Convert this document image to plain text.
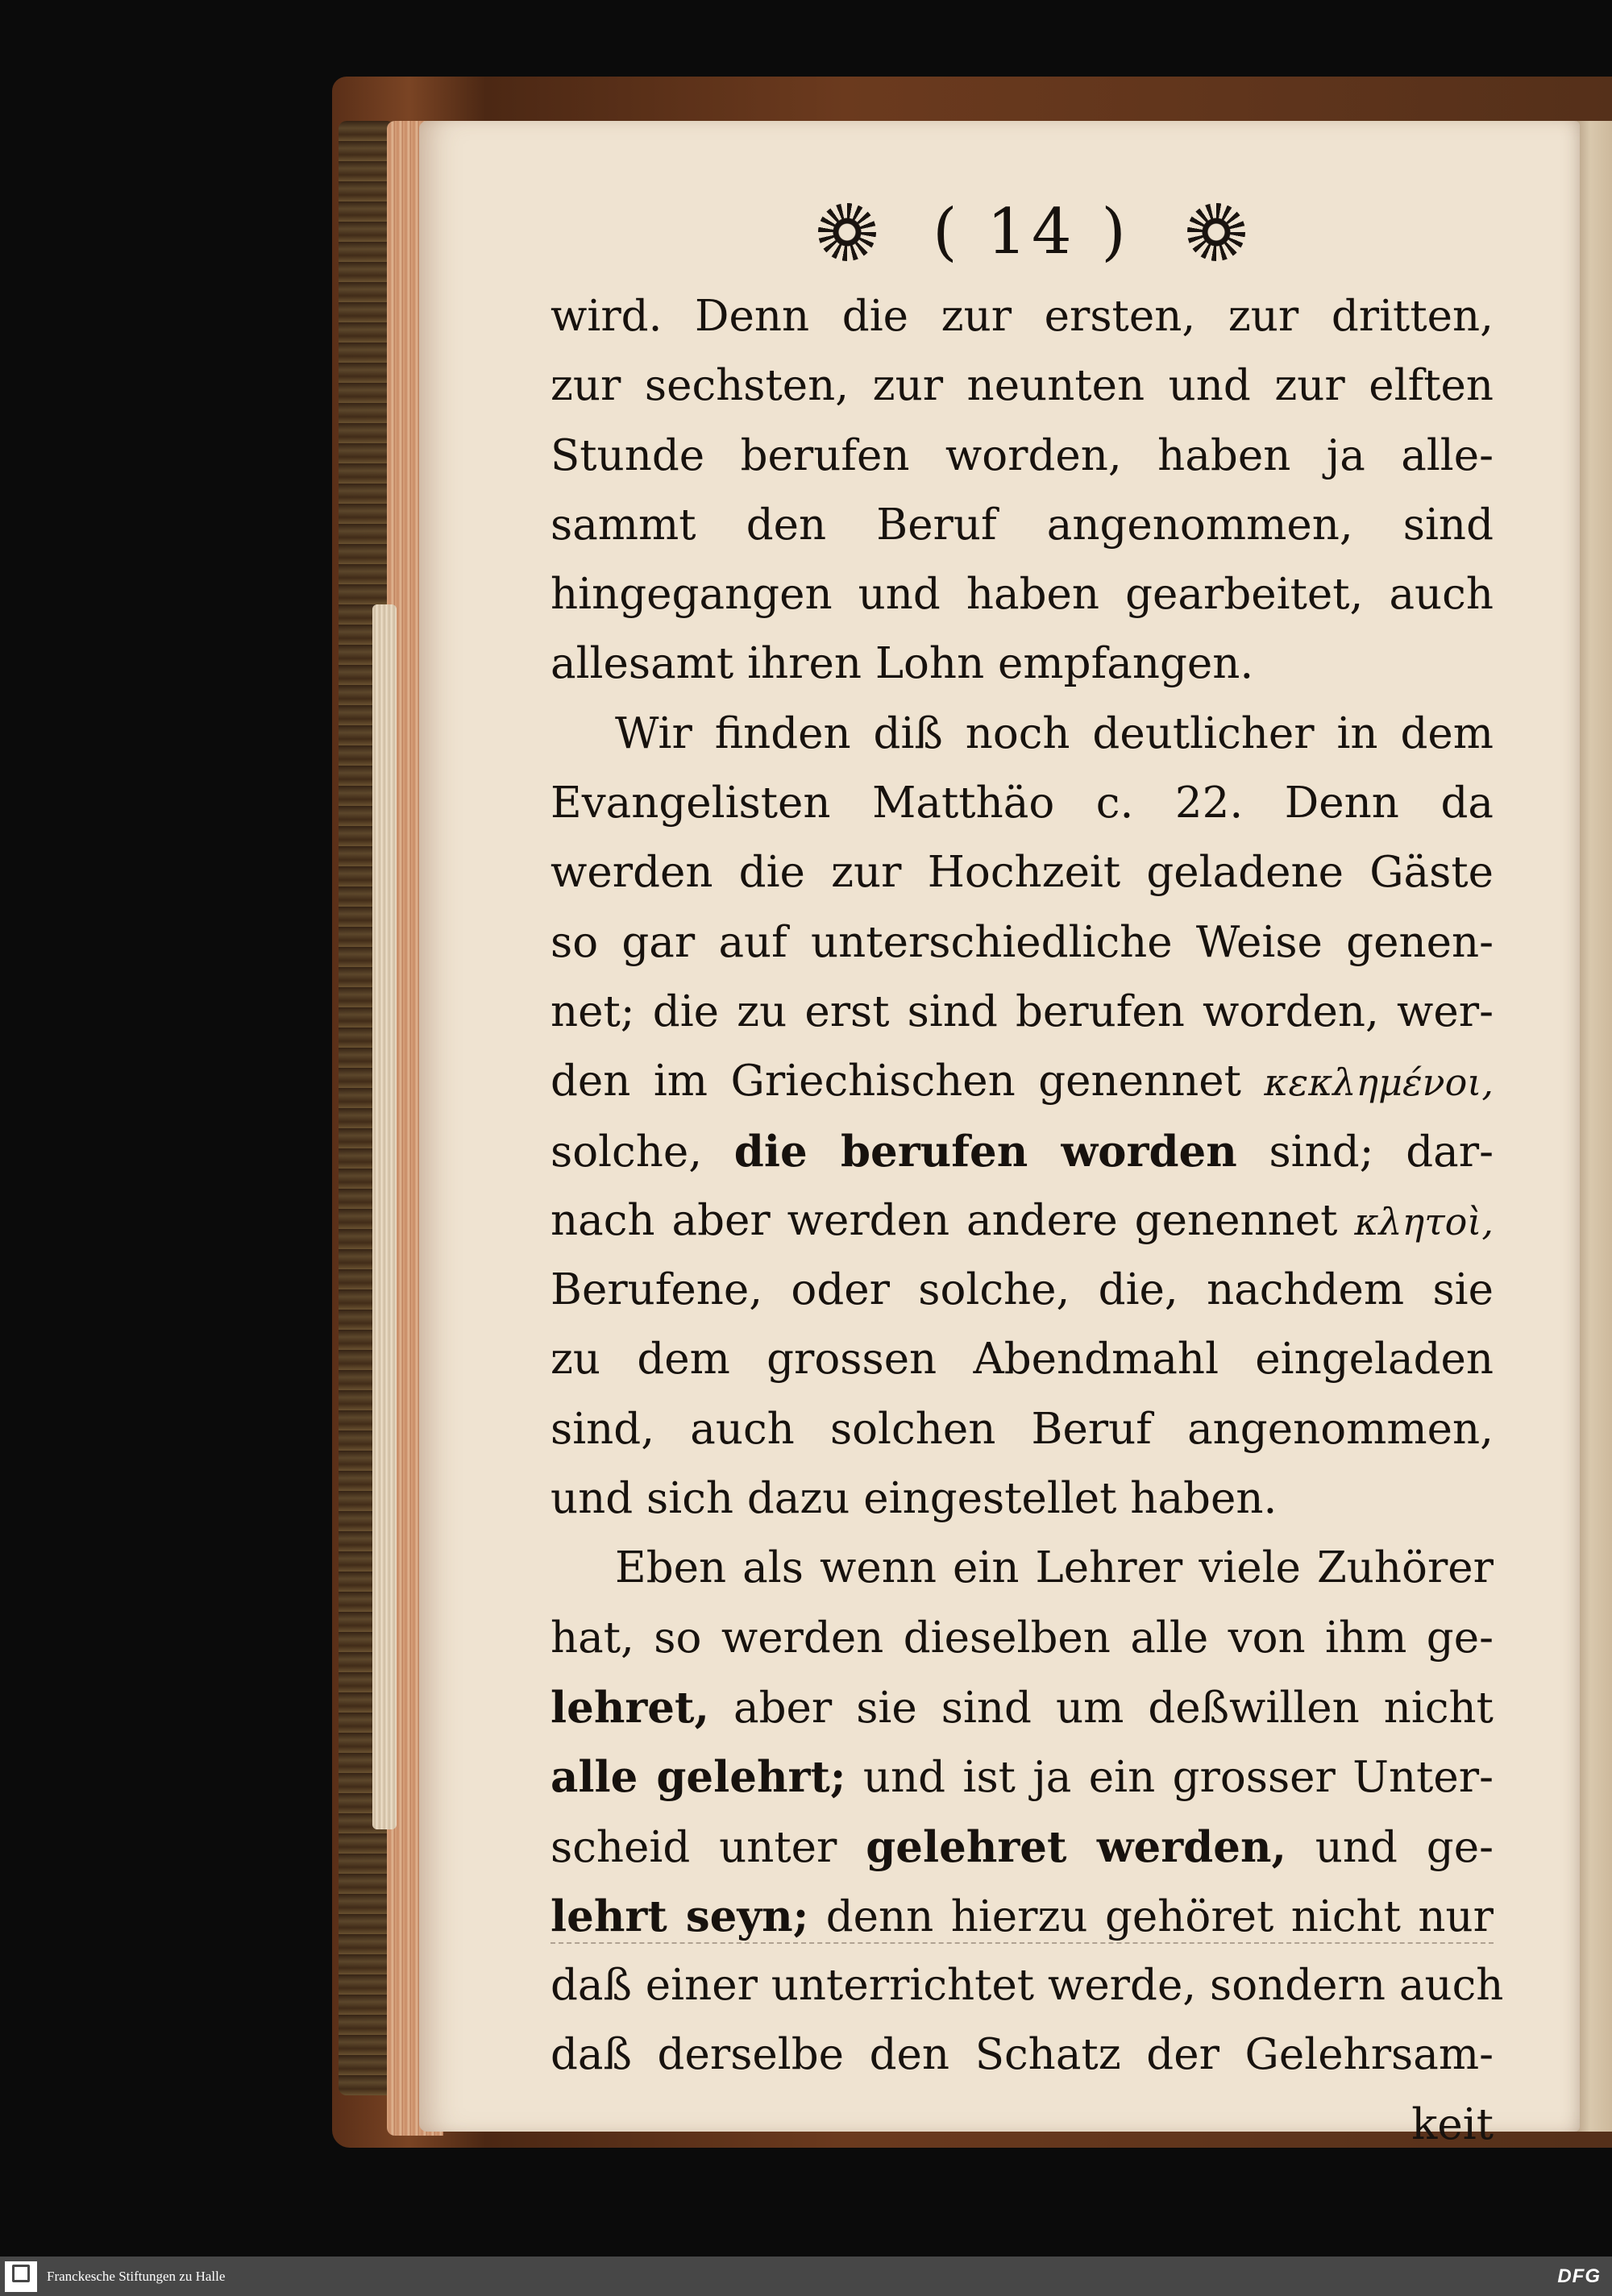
( 14 )
wird. Denn die zur ersten, zur dritten,
zur sechsten, zur neunten und zur elften
Stunde berufen worden, haben ja alle-
sammt den Beruf angenommen, sind
hingegangen und haben gearbeitet, auch
allesamt ihren Lohn empfangen.
Wir finden diß noch deutlicher in dem
Evangelisten Matthäo c. 22. Denn da
werden die zur Hochzeit geladene Gäste
so gar auf unterschiedliche Weise genen-
net; die zu erst sind berufen worden, wer-
den im Griechischen genennet κεκλημένοι,
solche, die berufen worden sind; dar-
nach aber werden andere genennet κλητοὶ,
Berufene, oder solche, die, nachdem sie
zu dem grossen Abendmahl eingeladen
sind, auch solchen Beruf angenommen,
und sich dazu eingestellet haben.
Eben als wenn ein Lehrer viele Zuhörer
hat, so werden dieselben alle von ihm ge-
lehret, aber sie sind um deßwillen nicht
alle gelehrt; und ist ja ein grosser Unter-
scheid unter gelehret werden, und ge-
lehrt seyn; denn hierzu gehöret nicht nur
daß einer unterrichtet werde, sondern auch
daß derselbe den Schatz der Gelehrsam-
keit
Franckesche Stiftungen zu Halle	DFG
